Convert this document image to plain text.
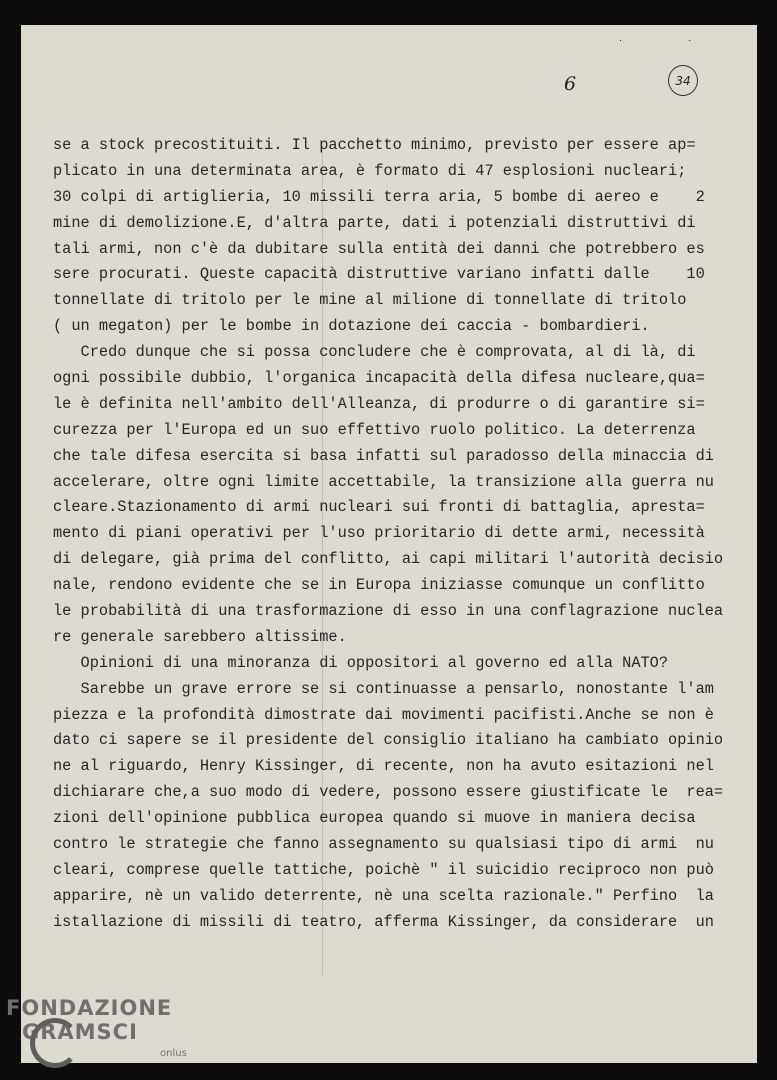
˙ ˙
6	34
se a stock precostituiti. Il pacchetto minimo, previsto per essere ap=
plicato in una determinata area, è formato di 47 esplosioni nucleari;
30 colpi di artiglieria, 10 missili terra aria, 5 bombe di aereo e    2
mine di demolizione.E, d'altra parte, dati i potenziali distruttivi di
tali armi, non c'è da dubitare sulla entità dei danni che potrebbero es
sere procurati. Queste capacità distruttive variano infatti dalle    10
tonnellate di tritolo per le mine al milione di tonnellate di tritolo
( un megaton) per le bombe in dotazione dei caccia - bombardieri.
Credo dunque che si possa concludere che è comprovata, al di là, di
ogni possibile dubbio, l'organica incapacità della difesa nucleare,qua=
le è definita nell'ambito dell'Alleanza, di produrre o di garantire si=
curezza per l'Europa ed un suo effettivo ruolo politico. La deterrenza
che tale difesa esercita si basa infatti sul paradosso della minaccia di
accelerare, oltre ogni limite accettabile, la transizione alla guerra nu
cleare.Stazionamento di armi nucleari sui fronti di battaglia, apresta=
mento di piani operativi per l'uso prioritario di dette armi, necessità
di delegare, già prima del conflitto, ai capi militari l'autorità decisio
nale, rendono evidente che se in Europa iniziasse comunque un conflitto
le probabilità di una trasformazione di esso in una conflagrazione nuclea
re generale sarebbero altissime.
Opinioni di una minoranza di oppositori al governo ed alla NATO?
Sarebbe un grave errore se si continuasse a pensarlo, nonostante l'am
piezza e la profondità dimostrate dai movimenti pacifisti.Anche se non è
dato ci sapere se il presidente del consiglio italiano ha cambiato opinio
ne al riguardo, Henry Kissinger, di recente, non ha avuto esitazioni nel
dichiarare che,a suo modo di vedere, possono essere giustificate le  rea=
zioni dell'opinione pubblica europea quando si muove in maniera decisa
contro le strategie che fanno assegnamento su qualsiasi tipo di armi  nu
cleari, comprese quelle tattiche, poichè " il suicidio reciproco non può
apparire, nè un valido deterrente, nè una scelta razionale." Perfino  la
istallazione di missili di teatro, afferma Kissinger, da considerare  un
FONDAZIONE
GRAMSCI
onlus
